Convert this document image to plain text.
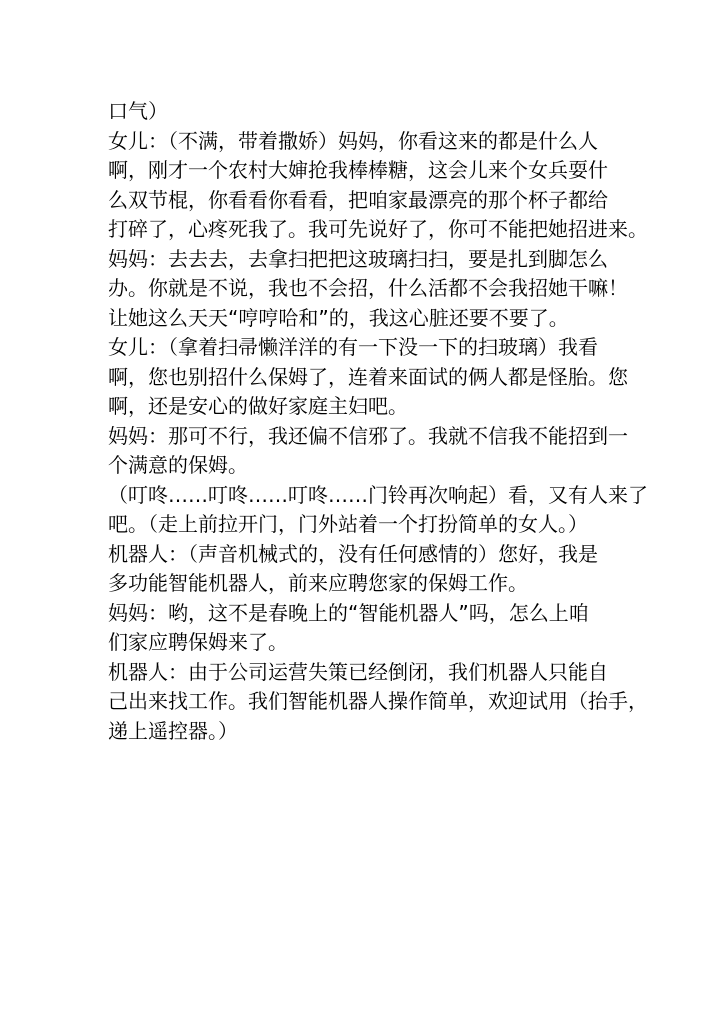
口气）
女儿：（不满，带着撒娇）妈妈，你看这来的都是什么人
啊，刚才一个农村大婶抢我棒棒糖，这会儿来个女兵耍什
么双节棍，你看看你看看，把咱家最漂亮的那个杯子都给
打碎了，心疼死我了。我可先说好了，你可不能把她招进来。
妈妈：去去去，去拿扫把把这玻璃扫扫，要是扎到脚怎么
办。你就是不说，我也不会招，什么活都不会我招她干嘛！
让她这么天天“哼哼哈和”的，我这心脏还要不要了。
女儿：（拿着扫帚懒洋洋的有一下没一下的扫玻璃）我看
啊，您也别招什么保姆了，连着来面试的俩人都是怪胎。您
啊，还是安心的做好家庭主妇吧。
妈妈：那可不行，我还偏不信邪了。我就不信我不能招到一
个满意的保姆。
（叮咚……叮咚……叮咚……门铃再次响起）看，又有人来了
吧。（走上前拉开门，门外站着一个打扮简单的女人。）
机器人：（声音机械式的，没有任何感情的）您好，我是
多功能智能机器人，前来应聘您家的保姆工作。
妈妈：哟，这不是春晚上的“智能机器人”吗，怎么上咱
们家应聘保姆来了。
机器人：由于公司运营失策已经倒闭，我们机器人只能自
己出来找工作。我们智能机器人操作简单，欢迎试用（抬手，
递上遥控器。）
